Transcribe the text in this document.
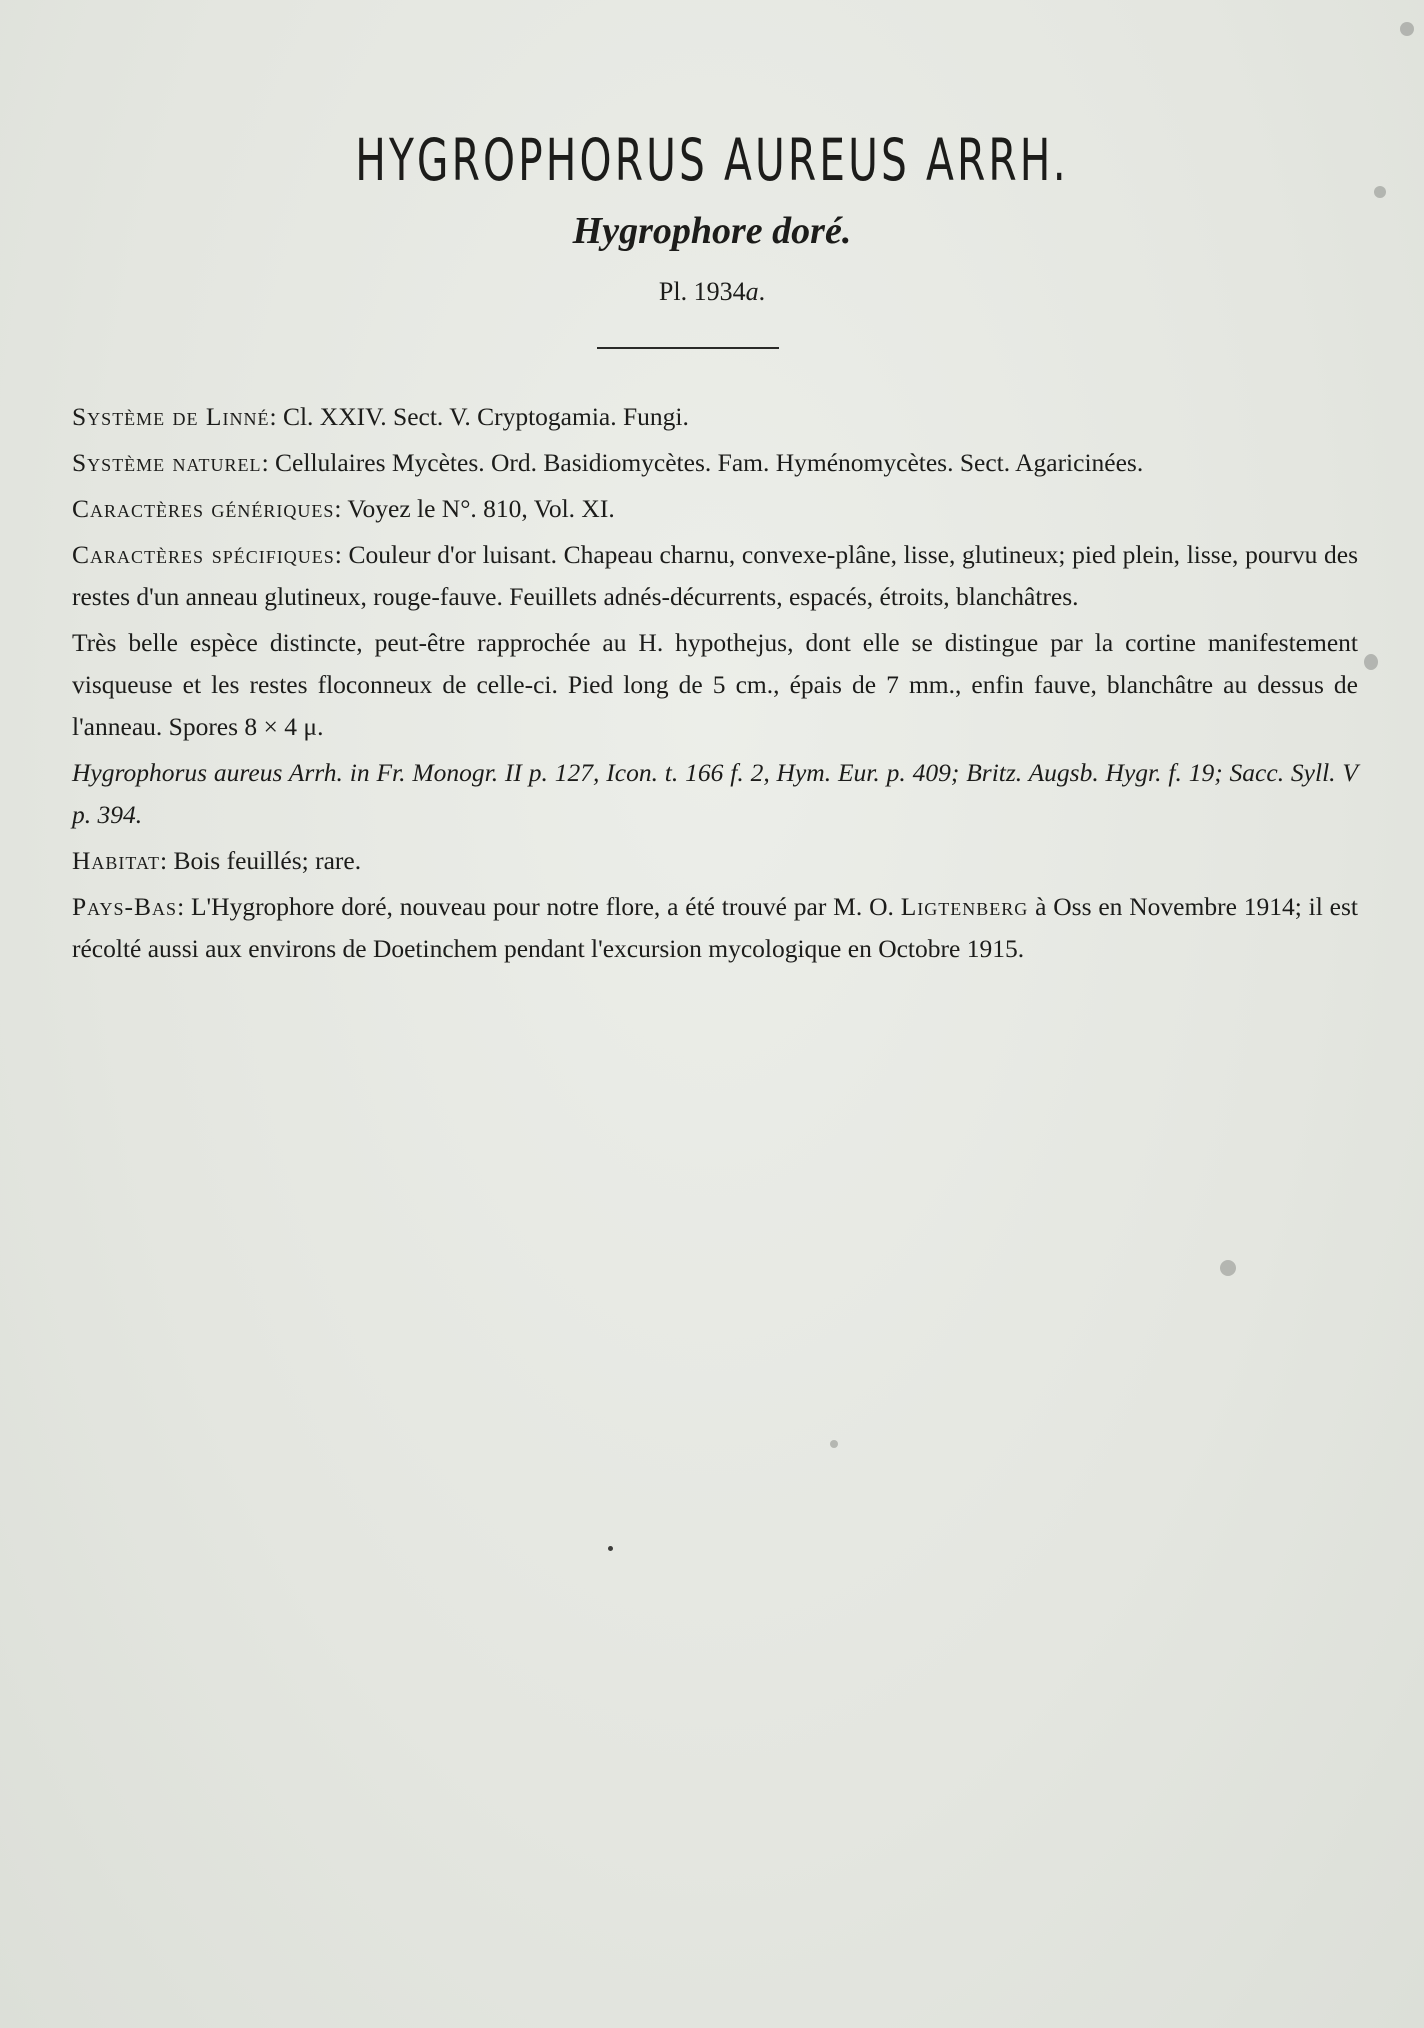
HYGROPHORUS AUREUS ARRH.
Hygrophore doré.
Pl. 1934a.

Système de Linné: Cl. XXIV. Sect. V. Cryptogamia. Fungi.

Système naturel: Cellulaires Mycètes. Ord. Basidiomycètes. Fam. Hyménomycètes. Sect. Agaricinées.

Caractères génériques: Voyez le N°. 810, Vol. XI.

Caractères spécifiques: Couleur d'or luisant. Chapeau charnu, convexe-plâne, lisse, glutineux; pied plein, lisse, pourvu des restes d'un anneau glutineux, rouge-fauve. Feuillets adnés-décurrents, espacés, étroits, blanchâtres.

Très belle espèce distincte, peut-être rapprochée au H. hypothejus, dont elle se distingue par la cortine manifestement visqueuse et les restes floconneux de celle-ci. Pied long de 5 cm., épais de 7 mm., enfin fauve, blanchâtre au dessus de l'anneau. Spores 8 × 4 μ.

Hygrophorus aureus Arrh. in Fr. Monogr. II p. 127, Icon. t. 166 f. 2, Hym. Eur. p. 409; Britz. Augsb. Hygr. f. 19; Sacc. Syll. V p. 394.

Habitat: Bois feuillés; rare.

Pays-Bas: L'Hygrophore doré, nouveau pour notre flore, a été trouvé par M. O. Ligtenberg à Oss en Novembre 1914; il est récolté aussi aux environs de Doetinchem pendant l'excursion mycologique en Octobre 1915.
